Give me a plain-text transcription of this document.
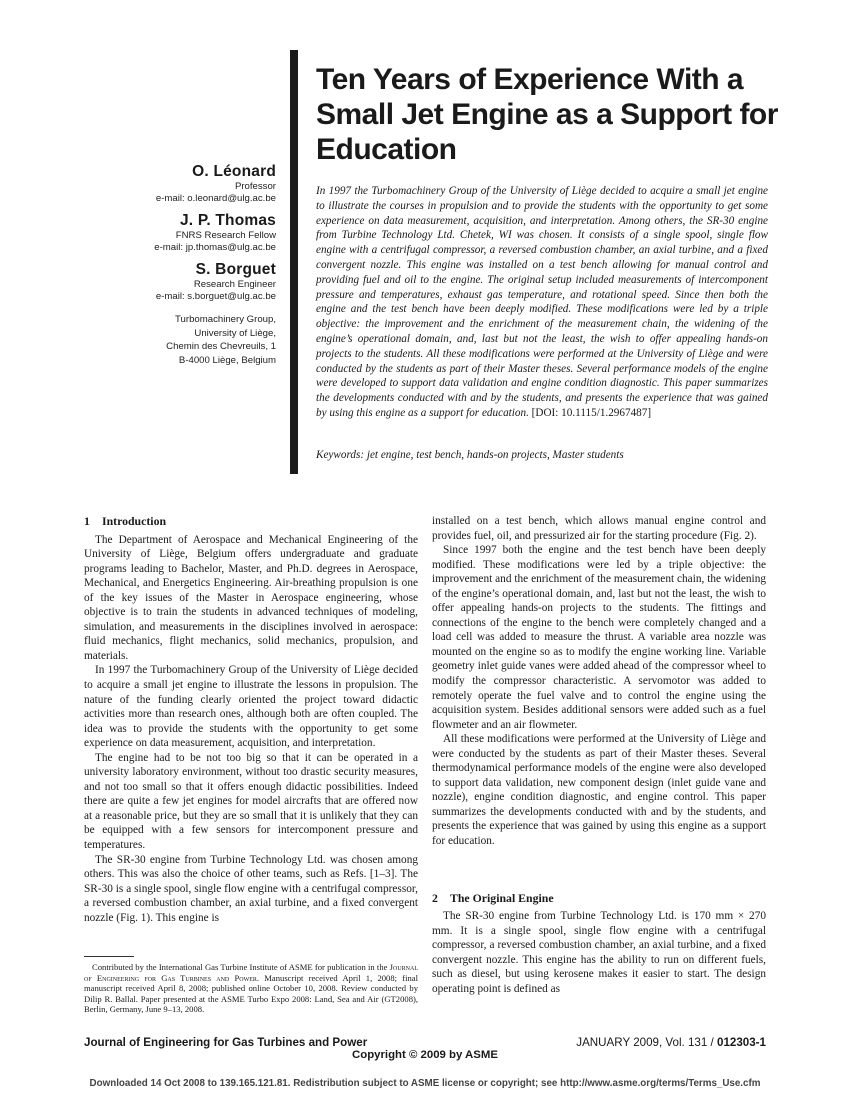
O. Léonard
Professor
e-mail: o.leonard@ulg.ac.be
J. P. Thomas
FNRS Research Fellow
e-mail: jp.thomas@ulg.ac.be
S. Borguet
Research Engineer
e-mail: s.borguet@ulg.ac.be
Turbomachinery Group,
University of Liège,
Chemin des Chevreuils, 1
B-4000 Liège, Belgium
Ten Years of Experience With a Small Jet Engine as a Support for Education
In 1997 the Turbomachinery Group of the University of Liège decided to acquire a small jet engine to illustrate the courses in propulsion and to provide the students with the opportunity to get some experience on data measurement, acquisition, and interpretation. Among others, the SR-30 engine from Turbine Technology Ltd. Chetek, WI was chosen. It consists of a single spool, single flow engine with a centrifugal compressor, a reversed combustion chamber, an axial turbine, and a fixed convergent nozzle. This engine was installed on a test bench allowing for manual control and providing fuel and oil to the engine. The original setup included measurements of intercomponent pressure and temperatures, exhaust gas temperature, and rotational speed. Since then both the engine and the test bench have been deeply modified. These modifications were led by a triple objective: the improvement and the enrichment of the measurement chain, the widening of the engine’s operational domain, and, last but not the least, the wish to offer appealing hands-on projects to the students. All these modifications were performed at the University of Liège and were conducted by the students as part of their Master theses. Several performance models of the engine were developed to support data validation and engine condition diagnostic. This paper summarizes the developments conducted with and by the students, and presents the experience that was gained by using this engine as a support for education. [DOI: 10.1115/1.2967487]
Keywords: jet engine, test bench, hands-on projects, Master students
1 Introduction

The Department of Aerospace and Mechanical Engineering of the University of Liège, Belgium offers undergraduate and graduate programs leading to Bachelor, Master, and Ph.D. degrees in Aerospace, Mechanical, and Energetics Engineering. Air-breathing propulsion is one of the key issues of the Master in Aerospace engineering, whose objective is to train the students in advanced techniques of modeling, simulation, and measurements in the disciplines involved in aerospace: fluid mechanics, flight mechanics, solid mechanics, propulsion, and materials.

In 1997 the Turbomachinery Group of the University of Liège decided to acquire a small jet engine to illustrate the lessons in propulsion. The nature of the funding clearly oriented the project toward didactic activities more than research ones, although both are often coupled. The idea was to provide the students with the opportunity to get some experience on data measurement, acquisition, and interpretation.

The engine had to be not too big so that it can be operated in a university laboratory environment, without too drastic security measures, and not too small so that it offers enough didactic possibilities. Indeed there are quite a few jet engines for model aircrafts that are offered now at a reasonable price, but they are so small that it is unlikely that they can be equipped with a few sensors for intercomponent pressure and temperatures.

The SR-30 engine from Turbine Technology Ltd. was chosen among others. This was also the choice of other teams, such as Refs. [1–3]. The SR-30 is a single spool, single flow engine with a centrifugal compressor, a reversed combustion chamber, an axial turbine, and a fixed convergent nozzle (Fig. 1). This engine is

Contributed by the International Gas Turbine Institute of ASME for publication in the Journal of Engineering for Gas Turbines and Power. Manuscript received April 1, 2008; final manuscript received April 8, 2008; published online October 10, 2008. Review conducted by Dilip R. Ballal. Paper presented at the ASME Turbo Expo 2008: Land, Sea and Air (GT2008), Berlin, Germany, June 9–13, 2008.

installed on a test bench, which allows manual engine control and provides fuel, oil, and pressurized air for the starting procedure (Fig. 2).

Since 1997 both the engine and the test bench have been deeply modified. These modifications were led by a triple objective: the improvement and the enrichment of the measurement chain, the widening of the engine’s operational domain, and, last but not the least, the wish to offer appealing hands-on projects to the students. The fittings and connections of the engine to the bench were completely changed and a load cell was added to measure the thrust. A variable area nozzle was mounted on the engine so as to modify the engine working line. Variable geometry inlet guide vanes were added ahead of the compressor wheel to modify the compressor characteristic. A servomotor was added to remotely operate the fuel valve and to control the engine using the acquisition system. Besides additional sensors were added such as a fuel flowmeter and an air flowmeter.

All these modifications were performed at the University of Liège and were conducted by the students as part of their Master theses. Several thermodynamical performance models of the engine were also developed to support data validation, new component design (inlet guide vane and nozzle), engine condition diagnostic, and engine control. This paper summarizes the developments conducted with and by the students, and presents the experience that was gained by using this engine as a support for education.

2 The Original Engine

The SR-30 engine from Turbine Technology Ltd. is 170 mm × 270 mm. It is a single spool, single flow engine with a centrifugal compressor, a reversed combustion chamber, an axial turbine, and a fixed convergent nozzle. This engine has the ability to run on different fuels, such as diesel, but using kerosene makes it easier to start. The design operating point is defined as

Journal of Engineering for Gas Turbines and Power	JANUARY 2009, Vol. 131 / 012303-1
Copyright © 2009 by ASME
Downloaded 14 Oct 2008 to 139.165.121.81. Redistribution subject to ASME license or copyright; see http://www.asme.org/terms/Terms_Use.cfm
